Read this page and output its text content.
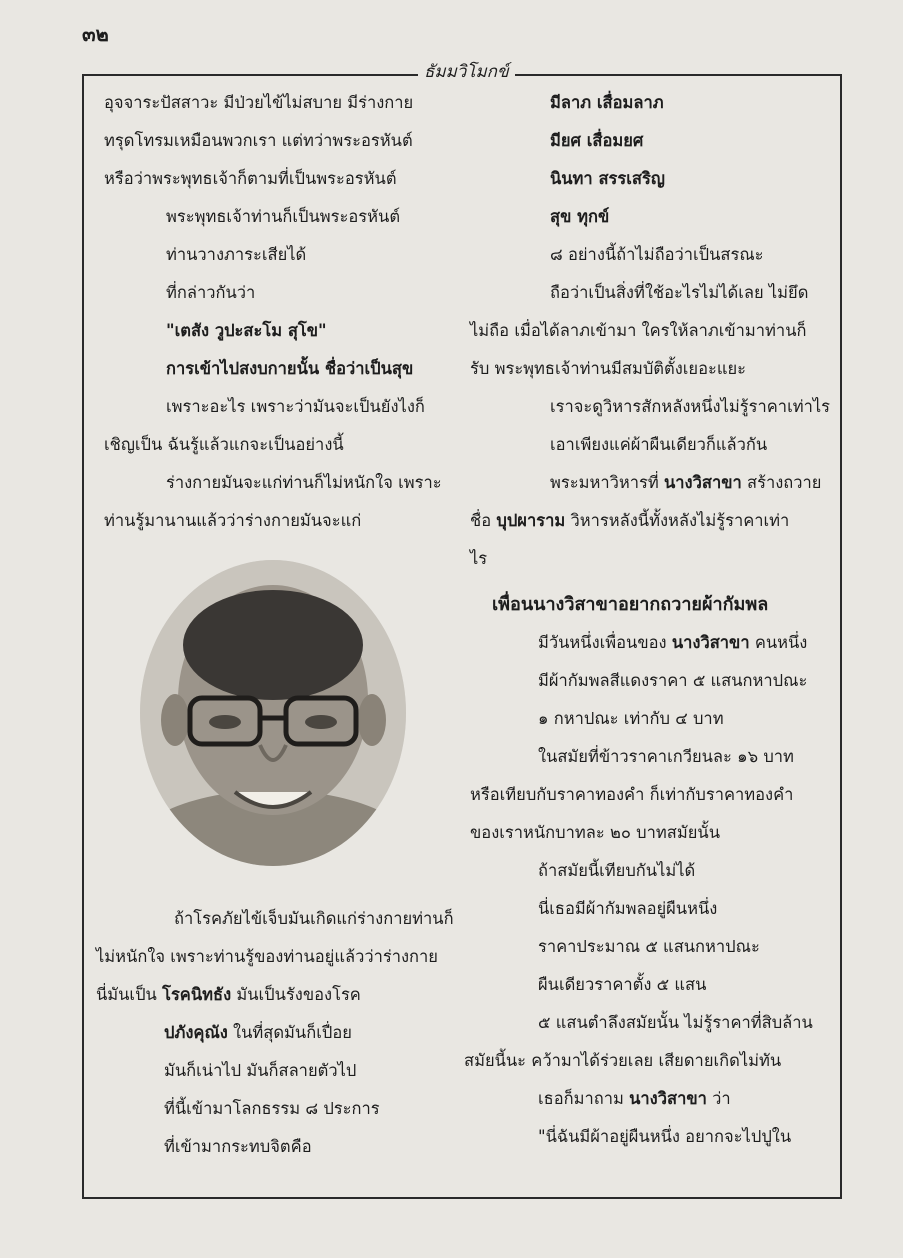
๓๒
ธัมมวิโมกข์

อุจจาระปัสสาวะ มีป่วยไข้ไม่สบาย มีร่างกาย

ทรุดโทรมเหมือนพวกเรา แต่ทว่าพระอรหันต์

หรือว่าพระพุทธเจ้าก็ตามที่เป็นพระอรหันต์

พระพุทธเจ้าท่านก็เป็นพระอรหันต์

ท่านวางภาระเสียได้

ที่กล่าวกันว่า

"เตสัง วูปะสะโม สุโข"

การเข้าไปสงบกายนั้น ชื่อว่าเป็นสุข

เพราะอะไร เพราะว่ามันจะเป็นยังไงก็

เชิญเป็น ฉันรู้แล้วแกจะเป็นอย่างนี้

ร่างกายมันจะแก่ท่านก็ไม่หนักใจ เพราะ

ท่านรู้มานานแล้วว่าร่างกายมันจะแก่

ถ้าโรคภัยไข้เจ็บมันเกิดแก่ร่างกายท่านก็

ไม่หนักใจ เพราะท่านรู้ของท่านอยู่แล้วว่าร่างกาย

นี่มันเป็น โรคนิทธัง มันเป็นรังของโรค

ปภังคุณัง ในที่สุดมันก็เปื่อย

มันก็เน่าไป มันก็สลายตัวไป

ที่นี้เข้ามาโลกธรรม ๘ ประการ

ที่เข้ามากระทบจิตคือ

มีลาภ เสื่อมลาภ

มียศ เสื่อมยศ

นินทา สรรเสริญ

สุข ทุกข์

๘ อย่างนี้ถ้าไม่ถือว่าเป็นสรณะ

ถือว่าเป็นสิ่งที่ใช้อะไรไม่ได้เลย ไม่ยึด

ไม่ถือ เมื่อได้ลาภเข้ามา ใครให้ลาภเข้ามาท่านก็

รับ พระพุทธเจ้าท่านมีสมบัติตั้งเยอะแยะ

เราจะดูวิหารสักหลังหนึ่งไม่รู้ราคาเท่าไร

เอาเพียงแค่ผ้าผืนเดียวก็แล้วกัน

พระมหาวิหารที่ นางวิสาขา สร้างถวาย

ชื่อ บุปผาราม วิหารหลังนี้ทั้งหลังไม่รู้ราคาเท่า

ไร

เพื่อนนางวิสาขาอยากถวายผ้ากัมพล

มีวันหนึ่งเพื่อนของ นางวิสาขา คนหนึ่ง

มีผ้ากัมพลสีแดงราคา ๕ แสนกหาปณะ

๑ กหาปณะ เท่ากับ ๔ บาท

ในสมัยที่ข้าวราคาเกวียนละ ๑๖ บาท

หรือเทียบกับราคาทองคำ ก็เท่ากับราคาทองคำ

ของเราหนักบาทละ ๒๐ บาทสมัยนั้น

ถ้าสมัยนี้เทียบกันไม่ได้

นี่เธอมีผ้ากัมพลอยู่ผืนหนึ่ง

ราคาประมาณ ๕ แสนกหาปณะ

ผืนเดียวราคาตั้ง ๕ แสน

๕ แสนตำลึงสมัยนั้น ไม่รู้ราคาที่สิบล้าน

สมัยนี้นะ คว้ามาได้ร่วยเลย เสียดายเกิดไม่ทัน

เธอก็มาถาม นางวิสาขา ว่า

"นี่ฉันมีผ้าอยู่ผืนหนึ่ง อยากจะไปปูใน
